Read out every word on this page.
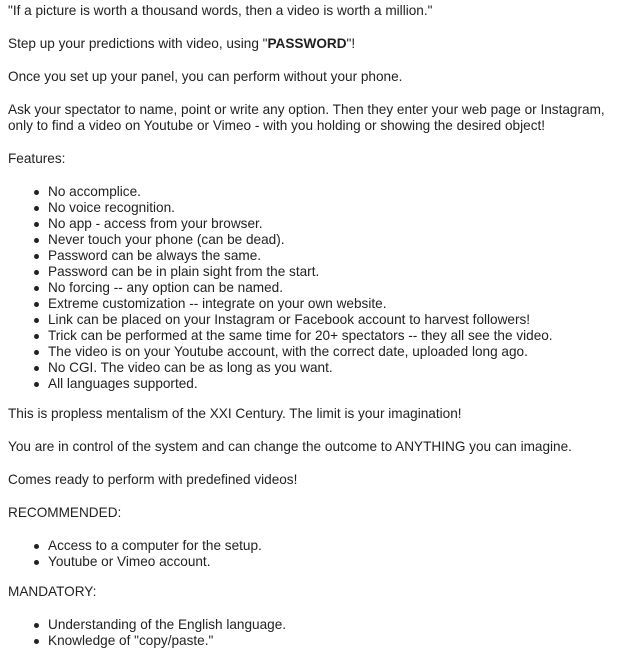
"If a picture is worth a thousand words, then a video is worth a million."

Step up your predictions with video, using "PASSWORD"!

Once you set up your panel, you can perform without your phone.

Ask your spectator to name, point or write any option. Then they enter your web page or Instagram, only to find a video on Youtube or Vimeo - with you holding or showing the desired object!

Features:

No accomplice.
No voice recognition.
No app - access from your browser.
Never touch your phone (can be dead).
Password can be always the same.
Password can be in plain sight from the start.
No forcing -- any option can be named.
Extreme customization -- integrate on your own website.
Link can be placed on your Instagram or Facebook account to harvest followers!
Trick can be performed at the same time for 20+ spectators -- they all see the video.
The video is on your Youtube account, with the correct date, uploaded long ago.
No CGI. The video can be as long as you want.
All languages supported.

This is propless mentalism of the XXI Century. The limit is your imagination!

You are in control of the system and can change the outcome to ANYTHING you can imagine.

Comes ready to perform with predefined videos!

RECOMMENDED:

Access to a computer for the setup.
Youtube or Vimeo account.

MANDATORY:

Understanding of the English language.
Knowledge of "copy/paste."
